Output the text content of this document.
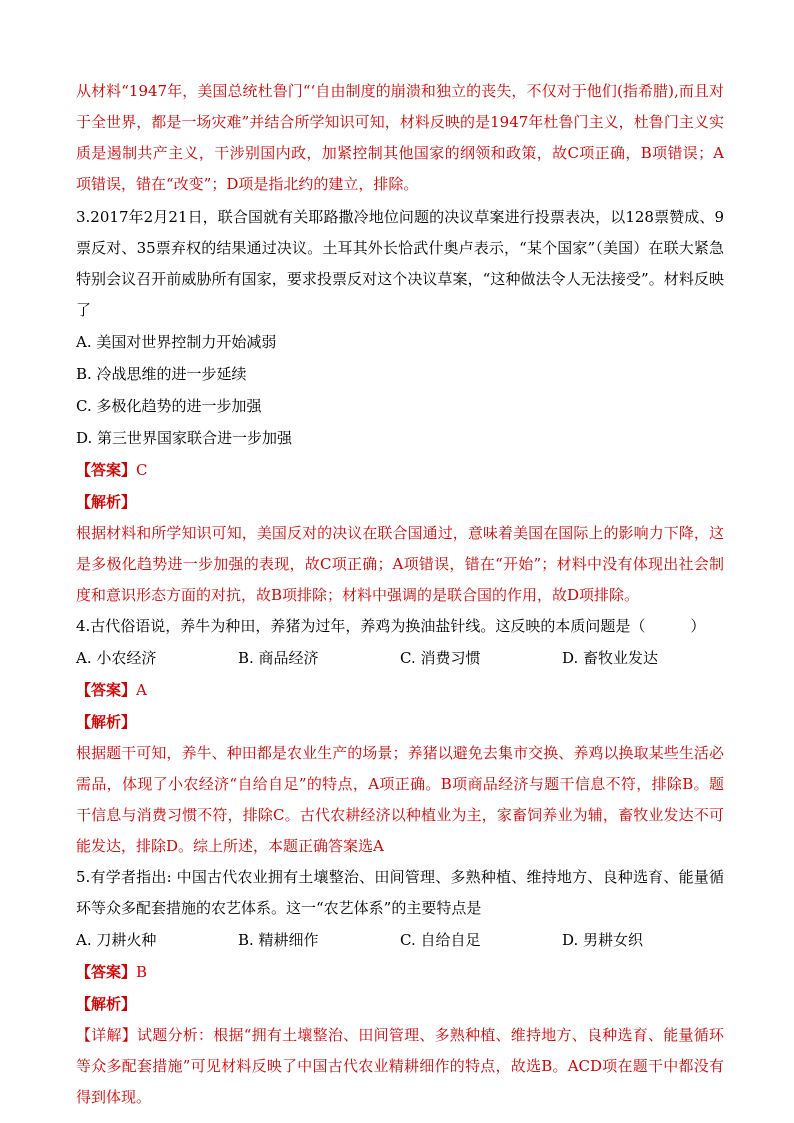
从材料“1947年，美国总统杜鲁门“‘自由制度的崩溃和独立的丧失，不仅对于他们(指希腊),而且对于全世界，都是一场灾难”并结合所学知识可知，材料反映的是1947年杜鲁门主义，杜鲁门主义实质是遏制共产主义，干涉别国内政，加紧控制其他国家的纲领和政策，故C项正确，B项错误；A项错误，错在“改变”；D项是指北约的建立，排除。

3.2017年2月21日，联合国就有关耶路撒冷地位问题的决议草案进行投票表决，以128票赞成、9票反对、35票弃权的结果通过决议。土耳其外长恰武什奥卢表示，“某个国家”（美国）在联大紧急特别会议召开前威胁所有国家，要求投票反对这个决议草案，“这种做法令人无法接受”。材料反映了

A. 美国对世界控制力开始减弱

B. 冷战思维的进一步延续

C. 多极化趋势的进一步加强

D. 第三世界国家联合进一步加强

【答案】C

【解析】

根据材料和所学知识可知，美国反对的决议在联合国通过，意味着美国在国际上的影响力下降，这是多极化趋势进一步加强的表现，故C项正确；A项错误，错在“开始”；材料中没有体现出社会制度和意识形态方面的对抗，故B项排除；材料中强调的是联合国的作用，故D项排除。

4.古代俗语说，养牛为种田，养猪为过年，养鸡为换油盐针线。这反映的本质问题是（　　　）

A. 小农经济	B. 商品经济	C. 消费习惯	D. 畜牧业发达

【答案】A

【解析】

根据题干可知，养牛、种田都是农业生产的场景；养猪以避免去集市交换、养鸡以换取某些生活必需品，体现了小农经济“自给自足”的特点，A项正确。B项商品经济与题干信息不符，排除B。题干信息与消费习惯不符，排除C。古代农耕经济以种植业为主，家畜饲养业为辅，畜牧业发达不可能发达，排除D。综上所述，本题正确答案选A

5.有学者指出: 中国古代农业拥有土壤整治、田间管理、多熟种植、维持地方、良种选育、能量循环等众多配套措施的农艺体系。这一“农艺体系”的主要特点是

A. 刀耕火种	B. 精耕细作	C. 自给自足	D. 男耕女织

【答案】B

【解析】

【详解】试题分析：根据“拥有土壤整治、田间管理、多熟种植、维持地方、良种选育、能量循环等众多配套措施”可见材料反映了中国古代农业精耕细作的特点，故选B。ACD项在题干中都没有得到体现。
